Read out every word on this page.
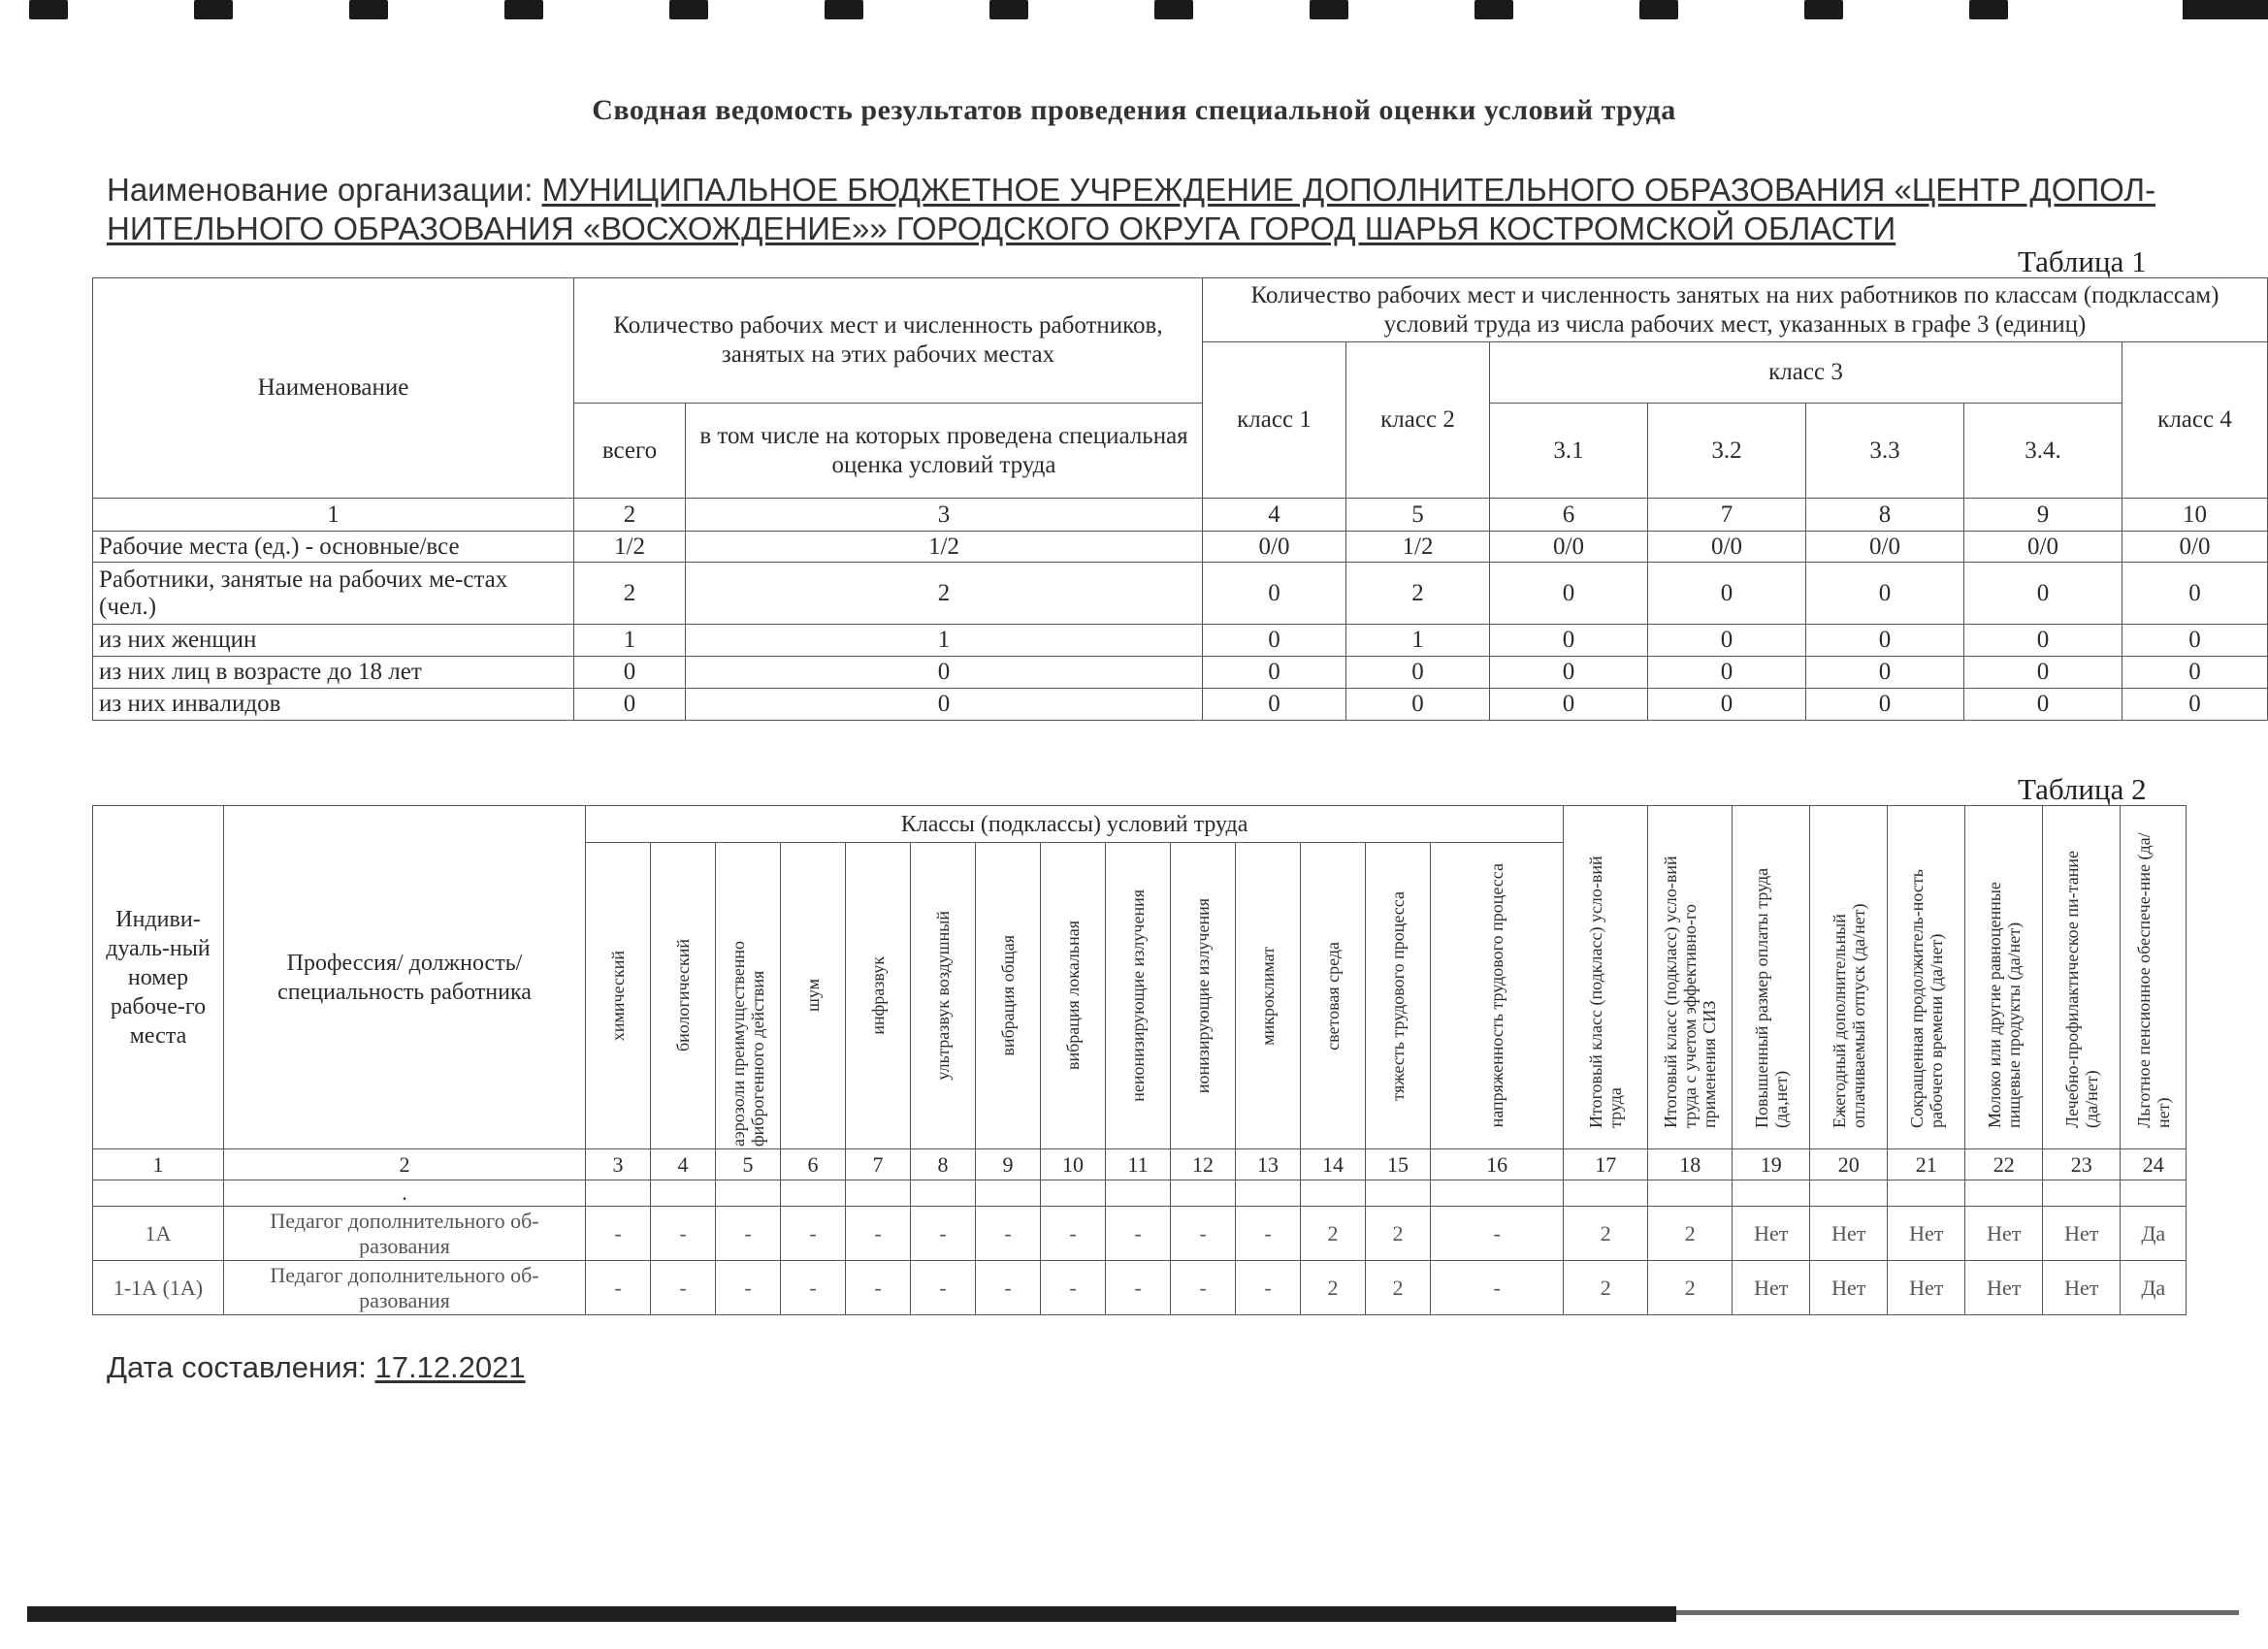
Сводная ведомость результатов проведения специальной оценки условий труда
Наименование организации: МУНИЦИПАЛЬНОЕ БЮДЖЕТНОЕ УЧРЕЖДЕНИЕ ДОПОЛНИТЕЛЬНОГО ОБРАЗОВАНИЯ «ЦЕНТР ДОПОЛ-НИТЕЛЬНОГО ОБРАЗОВАНИЯ «ВОСХОЖДЕНИЕ»» ГОРОДСКОГО ОКРУГА ГОРОД ШАРЬЯ КОСТРОМСКОЙ ОБЛАСТИ
Таблица 1
Наименование	Количество рабочих мест и численность работников, занятых на этих рабочих местах		Количество рабочих мест и численность занятых на них работников по классам (подклассам) условий труда из числа рабочих мест, указанных в графе 3 (единиц)						
			класс 1	класс 2	класс 3				класс 4
	всего	в том числе на которых проведена специальная оценка условий труда			3.1	3.2	3.3	3.4.	
1	2	3	4	5	6	7	8	9	10
Рабочие места (ед.) - основные/все	1/2	1/2	0/0	1/2	0/0	0/0	0/0	0/0	0/0
Работники, занятые на рабочих ме-стах (чел.)	2	2	0	2	0	0	0	0	0
из них женщин	1	1	0	1	0	0	0	0	0
из них лиц в возрасте до 18 лет	0	0	0	0	0	0	0	0	0
из них инвалидов	0	0	0	0	0	0	0	0	0
Таблица 2
Индиви-дуаль-ный номер рабоче-го места	Профессия/ должность/ специальность работника	Классы (подклассы) условий труда														Итоговый класс (подкласс) усло-вий труда	Итоговый класс (подкласс) усло-вий труда с учетом эффективно-го применения СИЗ	Повышенный размер оплаты труда (да,нет)	Ежегодный дополнительный оплачиваемый отпуск (да/нет)	Сокращенная продолжитель-ность рабочего времени (да/нет)	Молоко или другие равноценные пищевые продукты (да/нет)	Лечебно-профилактическое пи-тание (да/нет)	Льготное пенсионное обеспече-ние (да/нет)

		химический	биологический	аэрозоли преимущественно фиброгенного действия	шум	инфразвук	ультразвук воздушный	вибрация общая	вибрация локальная	неионизирующие излучения	ионизирующие излучения	микроклимат	световая среда	тяжесть трудового процесса	напряженность трудового процесса								

1	2	3	4	5	6	7	8	9	10	11	12	13	14	15	16	17	18	19	20	21	22	23	24
	.																						
1А	Педагог дополнительного об-разования	-	-	-	-	-	-	-	-	-	-	-	2	2	-	2	2	Нет	Нет	Нет	Нет	Нет	Да
1-1А (1А)	Педагог дополнительного об-разования	-	-	-	-	-	-	-	-	-	-	-	2	2	-	2	2	Нет	Нет	Нет	Нет	Нет	Да
Дата составления: 17.12.2021
